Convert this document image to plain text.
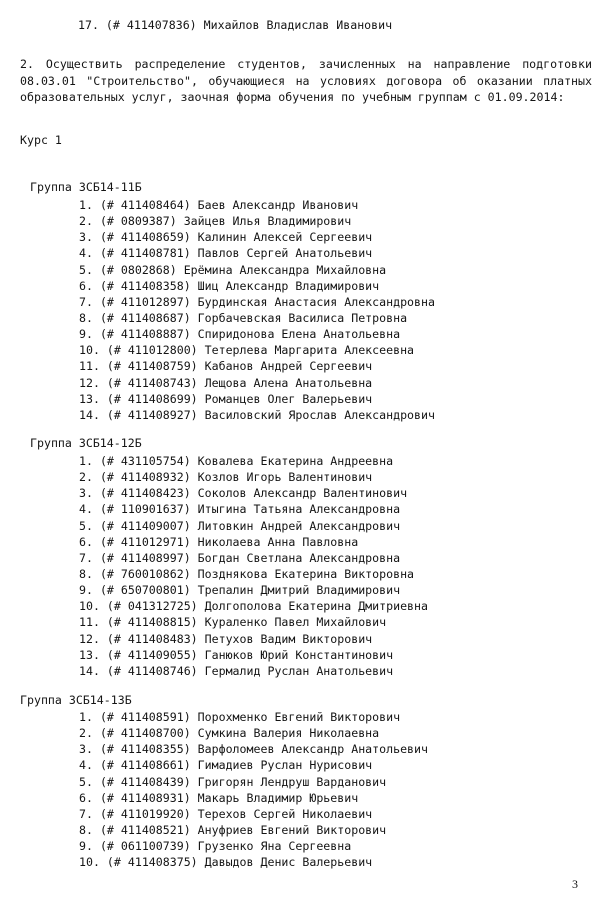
17. (# 411407836) Михайлов Владислав Иванович
2. Осуществить распределение студентов, зачисленных на направление подготовки 08.03.01 "Строительство", обучающиеся на условиях договора об оказании платных образовательных услуг, заочная форма обучения по учебным группам с 01.09.2014:
Курс 1
Группа ЗСБ14-11Б
1. (# 411408464) Баев Александр Иванович
2. (# 0809387) Зайцев Илья Владимирович
3. (# 411408659) Калинин Алексей Сергеевич
4. (# 411408781) Павлов Сергей Анатольевич
5. (# 0802868) Ерёмина Александра Михайловна
6. (# 411408358) Шиц Александр Владимирович
7. (# 411012897) Бурдинская Анастасия Александровна
8. (# 411408687) Горбачевская Василиса Петровна
9. (# 411408887) Спиридонова Елена Анатольевна
10. (# 411012800) Тетерлева Маргарита Алексеевна
11. (# 411408759) Кабанов Андрей Сергеевич
12. (# 411408743) Лещова Алена Анатольевна
13. (# 411408699) Романцев Олег Валерьевич
14. (# 411408927) Василовский Ярослав Александрович
Группа ЗСБ14-12Б
1. (# 431105754) Ковалева Екатерина Андреевна
2. (# 411408932) Козлов Игорь Валентинович
3. (# 411408423) Соколов Александр Валентинович
4. (# 110901637) Итыгина Татьяна Александровна
5. (# 411409007) Литовкин Андрей Александрович
6. (# 411012971) Николаева Анна Павловна
7. (# 411408997) Богдан Светлана Александровна
8. (# 760010862) Позднякова Екатерина Викторовна
9. (# 650700801) Трепалин Дмитрий Владимирович
10. (# 041312725) Долгополова Екатерина Дмитриевна
11. (# 411408815) Кураленко Павел Михайлович
12. (# 411408483) Петухов Вадим Викторович
13. (# 411409055) Ганюков Юрий Константинович
14. (# 411408746) Гермалид Руслан Анатольевич
Группа ЗСБ14-13Б
1. (# 411408591) Порохменко Евгений Викторович
2. (# 411408700) Сумкина Валерия Николаевна
3. (# 411408355) Варфоломеев Александр Анатольевич
4. (# 411408661) Гимадиев Руслан Нурисович
5. (# 411408439) Григорян Лендруш Варданович
6. (# 411408931) Макарь Владимир Юрьевич
7. (# 411019920) Терехов Сергей Николаевич
8. (# 411408521) Ануфриев Евгений Викторович
9. (# 061100739) Грузенко Яна Сергеевна
10. (# 411408375) Давыдов Денис Валерьевич
3
